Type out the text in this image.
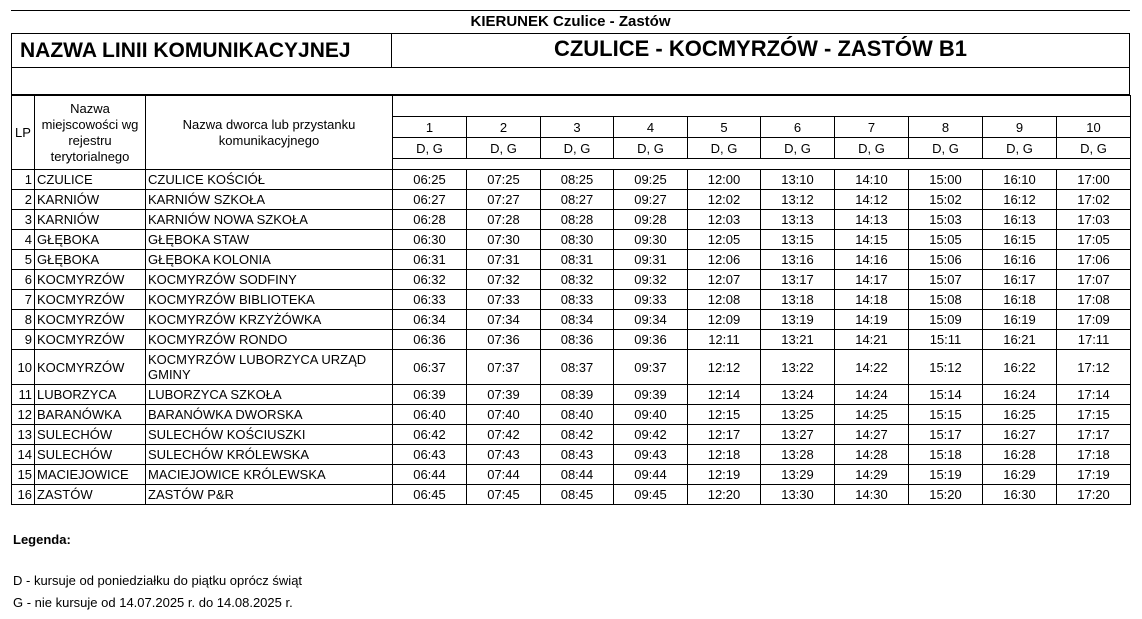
KIERUNEK Czulice - Zastów
NAZWA LINII KOMUNIKACYJNEJ	CZULICE - KOCMYRZÓW - ZASTÓW B1
LP	Nazwa miejscowości wg rejestru terytorialnego	Nazwa dworca lub przystanku komunikacyjnego										
			1	2	3	4	5	6	7	8	9	10
			D, G	D, G	D, G	D, G	D, G	D, G	D, G	D, G	D, G	D, G

1	CZULICE	CZULICE KOŚCIÓŁ	06:25	07:25	08:25	09:25	12:00	13:10	14:10	15:00	16:10	17:00
2	KARNIÓW	KARNIÓW SZKOŁA	06:27	07:27	08:27	09:27	12:02	13:12	14:12	15:02	16:12	17:02
3	KARNIÓW	KARNIÓW NOWA SZKOŁA	06:28	07:28	08:28	09:28	12:03	13:13	14:13	15:03	16:13	17:03
4	GŁĘBOKA	GŁĘBOKA STAW	06:30	07:30	08:30	09:30	12:05	13:15	14:15	15:05	16:15	17:05
5	GŁĘBOKA	GŁĘBOKA KOLONIA	06:31	07:31	08:31	09:31	12:06	13:16	14:16	15:06	16:16	17:06
6	KOCMYRZÓW	KOCMYRZÓW SODFINY	06:32	07:32	08:32	09:32	12:07	13:17	14:17	15:07	16:17	17:07
7	KOCMYRZÓW	KOCMYRZÓW BIBLIOTEKA	06:33	07:33	08:33	09:33	12:08	13:18	14:18	15:08	16:18	17:08
8	KOCMYRZÓW	KOCMYRZÓW KRZYŻÓWKA	06:34	07:34	08:34	09:34	12:09	13:19	14:19	15:09	16:19	17:09
9	KOCMYRZÓW	KOCMYRZÓW RONDO	06:36	07:36	08:36	09:36	12:11	13:21	14:21	15:11	16:21	17:11
10	KOCMYRZÓW	KOCMYRZÓW LUBORZYCA URZĄD GMINY	06:37	07:37	08:37	09:37	12:12	13:22	14:22	15:12	16:22	17:12
11	LUBORZYCA	LUBORZYCA SZKOŁA	06:39	07:39	08:39	09:39	12:14	13:24	14:24	15:14	16:24	17:14
12	BARANÓWKA	BARANÓWKA DWORSKA	06:40	07:40	08:40	09:40	12:15	13:25	14:25	15:15	16:25	17:15
13	SULECHÓW	SULECHÓW KOŚCIUSZKI	06:42	07:42	08:42	09:42	12:17	13:27	14:27	15:17	16:27	17:17
14	SULECHÓW	SULECHÓW KRÓLEWSKA	06:43	07:43	08:43	09:43	12:18	13:28	14:28	15:18	16:28	17:18
15	MACIEJOWICE	MACIEJOWICE KRÓLEWSKA	06:44	07:44	08:44	09:44	12:19	13:29	14:29	15:19	16:29	17:19
16	ZASTÓW	ZASTÓW P&R	06:45	07:45	08:45	09:45	12:20	13:30	14:30	15:20	16:30	17:20
Legenda:
D - kursuje od poniedziałku do piątku oprócz świąt
G - nie kursuje od 14.07.2025 r. do 14.08.2025 r.
